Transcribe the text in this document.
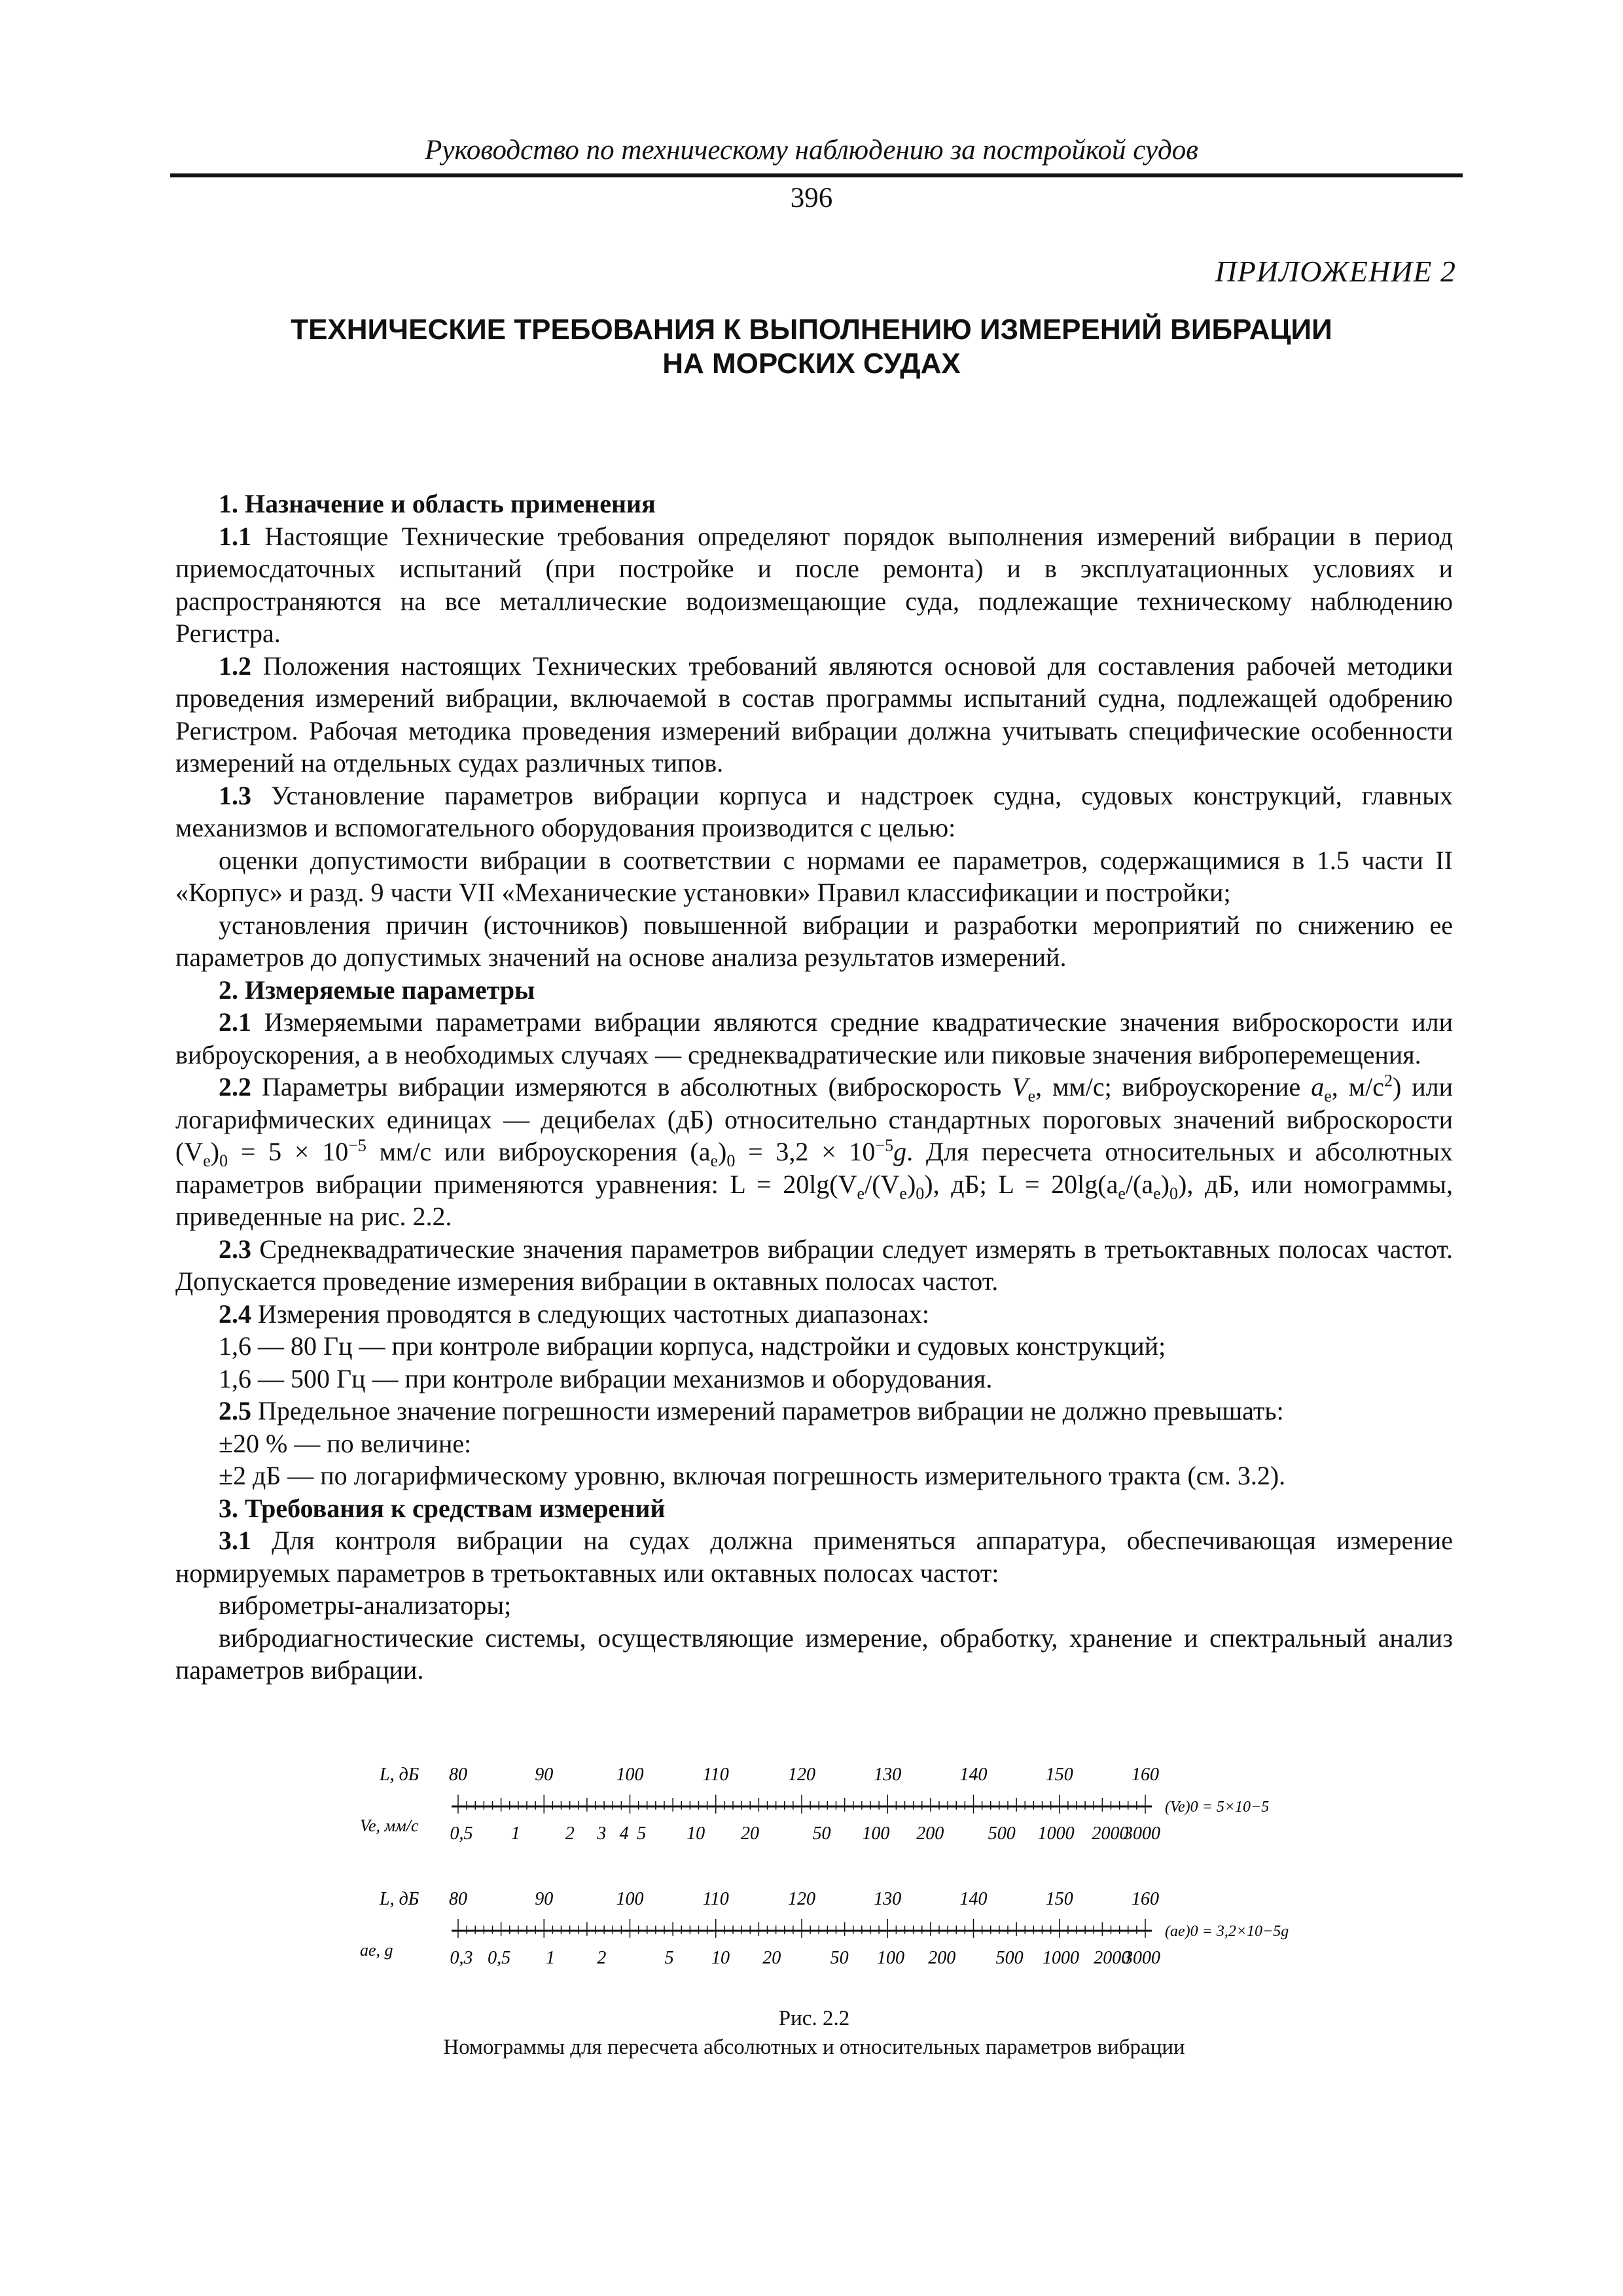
Руководство по техническому наблюдению за постройкой судов
396
ПРИЛОЖЕНИЕ 2
ТЕХНИЧЕСКИЕ ТРЕБОВАНИЯ К ВЫПОЛНЕНИЮ ИЗМЕРЕНИЙ ВИБРАЦИИ
НА МОРСКИХ СУДАХ

1. Назначение и область применения

1.1 Настоящие Технические требования определяют порядок выполнения измерений вибрации в период приемосдаточных испытаний (при постройке и после ремонта) и в эксплуатационных условиях и распространяются на все металлические водоизмещающие суда, подлежащие техническому наблюдению Регистра.

1.2 Положения настоящих Технических требований являются основой для составления рабочей методики проведения измерений вибрации, включаемой в состав программы испытаний судна, подлежащей одобрению Регистром. Рабочая методика проведения измерений вибрации должна учитывать специфические особенности измерений на отдельных судах различных типов.

1.3 Установление параметров вибрации корпуса и надстроек судна, судовых конструкций, главных механизмов и вспомогательного оборудования производится с целью:

оценки допустимости вибрации в соответствии с нормами ее параметров, содержащимися в 1.5 части II «Корпус» и разд. 9 части VII «Механические установки» Правил классификации и постройки;

установления причин (источников) повышенной вибрации и разработки мероприятий по снижению ее параметров до допустимых значений на основе анализа результатов измерений.

2. Измеряемые параметры

2.1 Измеряемыми параметрами вибрации являются средние квадратические значения виброскорости или виброускорения, а в необходимых случаях — среднеквадратические или пиковые значения виброперемещения.

2.2 Параметры вибрации измеряются в абсолютных (виброскорость $V_e$, мм/с; виброускорение $a_e$, $м/с^2$) или логарифмических единицах — децибелах (дБ) относительно стандартных пороговых значений виброскорости $(V_e)_0 = 5 \times 10^{-5}$ мм/с или виброускорения $(a_e)_0 = 3,2 \times 10^{-5}g$. Для пересчета относительных и абсолютных параметров вибрации применяются уравнения: $L = 20\lg(V_e/(V_e)_0)$, дБ; $L = 20\lg(a_e/(a_e)_0)$, дБ, или номограммы, приведенные на рис. 2.2.

2.3 Среднеквадратические значения параметров вибрации следует измерять в третьоктавных полосах частот. Допускается проведение измерения вибрации в октавных полосах частот.

2.4 Измерения проводятся в следующих частотных диапазонах:

1,6 — 80 Гц — при контроле вибрации корпуса, надстройки и судовых конструкций;

1,6 — 500 Гц — при контроле вибрации механизмов и оборудования.

2.5 Предельное значение погрешности измерений параметров вибрации не должно превышать:

±20 % — по величине:

±2 дБ — по логарифмическому уровню, включая погрешность измерительного тракта (см. 3.2).

3. Требования к средствам измерений

3.1 Для контроля вибрации на судах должна применяться аппаратура, обеспечивающая измерение нормируемых параметров в третьоктавных или октавных полосах частот:

виброметры-анализаторы;

вибродиагностические системы, осуществляющие измерение, обработку, хранение и спектральный анализ параметров вибрации.

L, дБ 80	90	100	110	120	130	140	150	160
(Ve)0 = 5×10−5
Ve, мм/с 0,5 1 2 3 4 5 10 20	50 100 200 500 1000 2000
3000
L, дБ 80	90	100	110	120	130	140	150	160
(ae)0 = 3,2×10−5g
ae, g	0,3 0,5 1 2	5 10 20	50 100 200 500 1000 2000
3000
Рис. 2.2
Номограммы для пересчета абсолютных и относительных параметров вибрации
